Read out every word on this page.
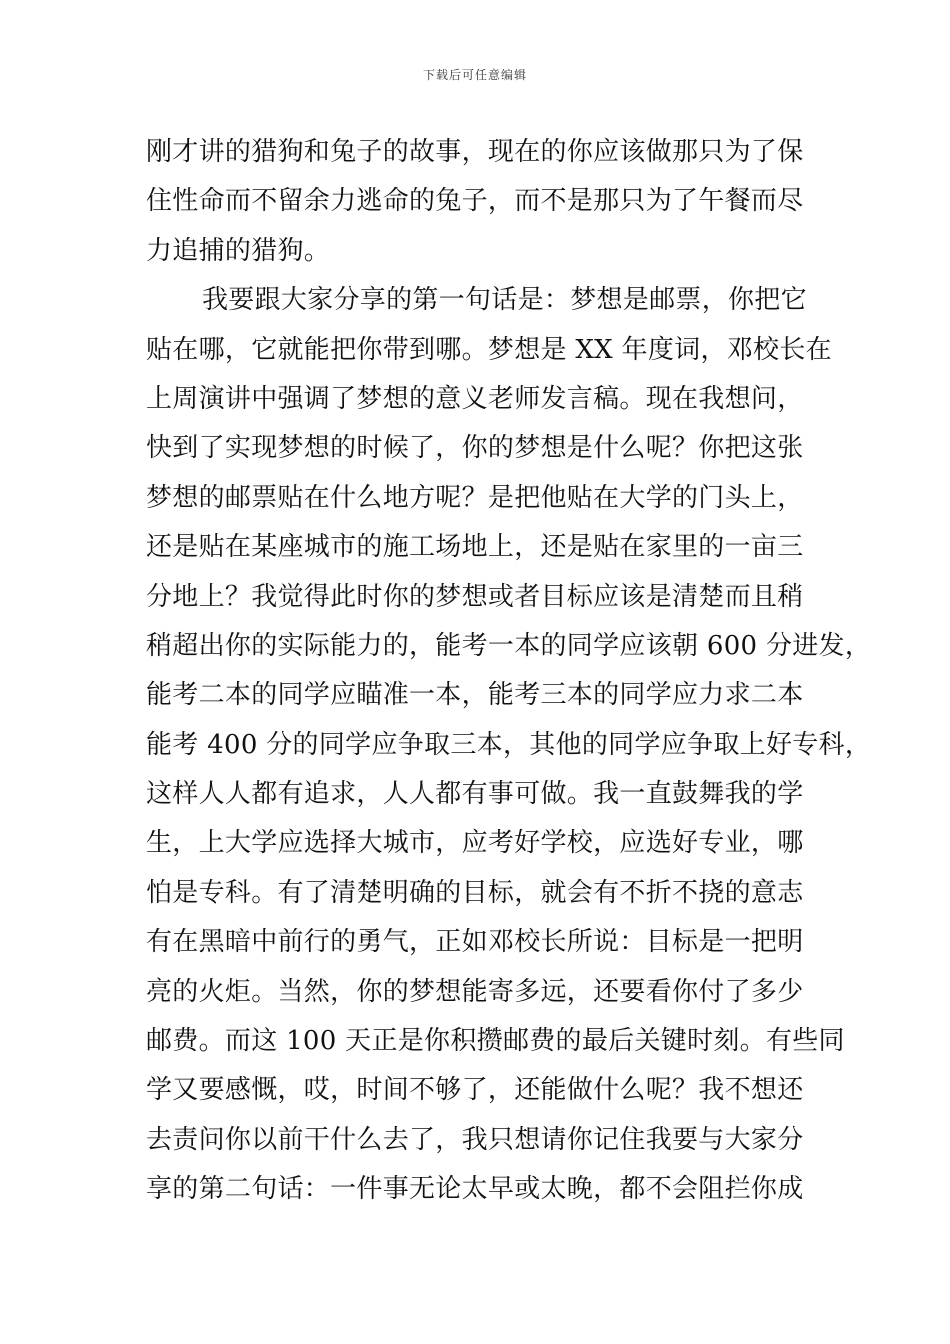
下载后可任意编辑
刚才讲的猎狗和兔子的故事，现在的你应该做那只为了保
住性命而不留余力逃命的兔子，而不是那只为了午餐而尽
力追捕的猎狗。
我要跟大家分享的第一句话是：梦想是邮票，你把它
贴在哪，它就能把你带到哪。梦想是 XX 年度词，邓校长在
上周演讲中强调了梦想的意义老师发言稿。现在我想问，
快到了实现梦想的时候了，你的梦想是什么呢？你把这张
梦想的邮票贴在什么地方呢？是把他贴在大学的门头上，
还是贴在某座城市的施工场地上，还是贴在家里的一亩三
分地上？我觉得此时你的梦想或者目标应该是清楚而且稍
稍超出你的实际能力的，能考一本的同学应该朝 600 分进发，
能考二本的同学应瞄准一本，能考三本的同学应力求二本
能考 400 分的同学应争取三本，其他的同学应争取上好专科，
这样人人都有追求，人人都有事可做。我一直鼓舞我的学
生，上大学应选择大城市，应考好学校，应选好专业，哪
怕是专科。有了清楚明确的目标，就会有不折不挠的意志
有在黑暗中前行的勇气，正如邓校长所说：目标是一把明
亮的火炬。当然，你的梦想能寄多远，还要看你付了多少
邮费。而这 100 天正是你积攒邮费的最后关键时刻。有些同
学又要感慨，哎，时间不够了，还能做什么呢？我不想还
去责问你以前干什么去了，我只想请你记住我要与大家分
享的第二句话：一件事无论太早或太晚，都不会阻拦你成
